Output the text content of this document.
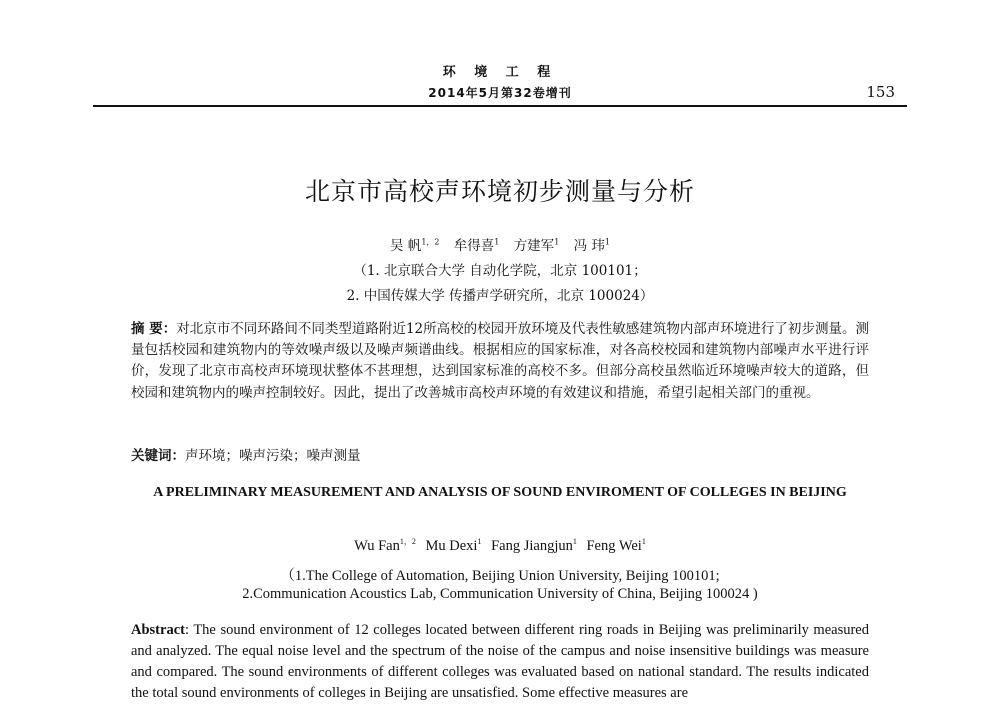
环 境 工 程
2014年5月第32卷增刊	153
北京市高校声环境初步测量与分析
吴 帆$^{1,2}$ 牟得喜$^1$ 方建军$^1$ 冯 玮$^1$
（1. 北京联合大学 自动化学院，北京 100101；
2. 中国传媒大学 传播声学研究所，北京 100024）

摘 要：对北京市不同环路间不同类型道路附近12所高校的校园开放环境及代表性敏感建筑物内部声环境进行了初步测量。测量包括校园和建筑物内的等效噪声级以及噪声频谱曲线。根据相应的国家标准，对各高校校园和建筑物内部噪声水平进行评价，发现了北京市高校声环境现状整体不甚理想，达到国家标准的高校不多。但部分高校虽然临近环境噪声较大的道路，但校园和建筑物内的噪声控制较好。因此，提出了改善城市高校声环境的有效建议和措施，希望引起相关部门的重视。

关键词：声环境；噪声污染；噪声测量

A PRELIMINARY MEASUREMENT AND ANALYSIS OF SOUND ENVIROMENT OF COLLEGES IN BEIJING
Wu Fan$^{1,2}$ Mu Dexi$^1$ Fang Jiangjun$^1$ Feng Wei$^1$
（1.The College of Automation, Beijing Union University, Beijing 100101;
2.Communication Acoustics Lab, Communication University of China, Beijing 100024 )

Abstract: The sound environment of 12 colleges located between different ring roads in Beijing was preliminarily measured and analyzed. The equal noise level and the spectrum of the noise of the campus and noise insensitive buildings was measure and compared. The sound environments of different colleges was evaluated based on national standard. The results indicated the total sound environments of colleges in Beijing are unsatisfied. Some effective measures are
